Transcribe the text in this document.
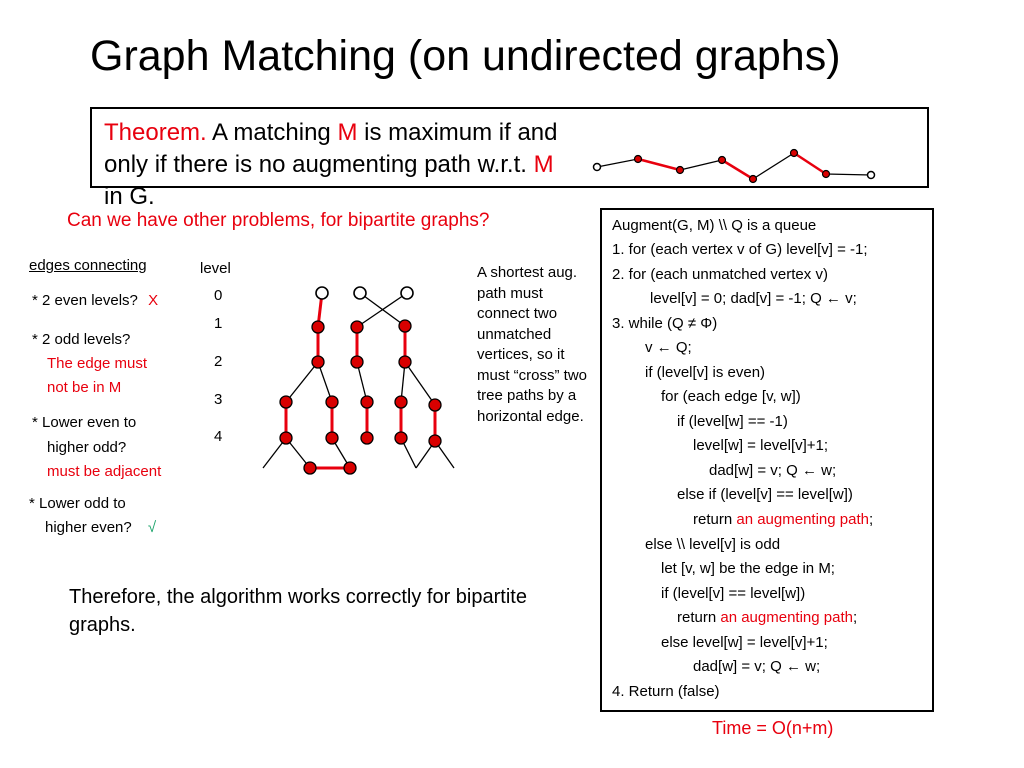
Graph Matching (on undirected graphs)
Theorem. A matching M is maximum if and only if there is no augmenting path w.r.t. M in G.
Can we have other problems, for bipartite graphs?
edges connecting
* 2 even levels? X
* 2 odd levels?
The edge must
not be in M
* Lower even to
higher odd?
must be adjacent
* Lower odd to
higher even? √
level
0
1
2
3
4
A shortest aug. path must connect two unmatched vertices, so it must “cross” two tree paths by a horizontal edge.
Therefore, the algorithm works correctly for bipartite graphs.
Augment(G, M) \\ Q is a queue
1. for (each vertex v of G) level[v] = -1;
2. for (each unmatched vertex v)
level[v] = 0; dad[v] = -1; Q ← v;
3. while (Q ≠ Φ)
v ← Q;
if (level[v] is even)
for (each edge [v, w])
if (level[w] == -1)
level[w] = level[v]+1;
dad[w] = v; Q ← w;
else if (level[v] == level[w])
return an augmenting path;
else \\ level[v] is odd
let [v, w] be the edge in M;
if (level[v] == level[w])
return an augmenting path;
else level[w] = level[v]+1;
dad[w] = v; Q ← w;
4. Return (false)
Time = O(n+m)
